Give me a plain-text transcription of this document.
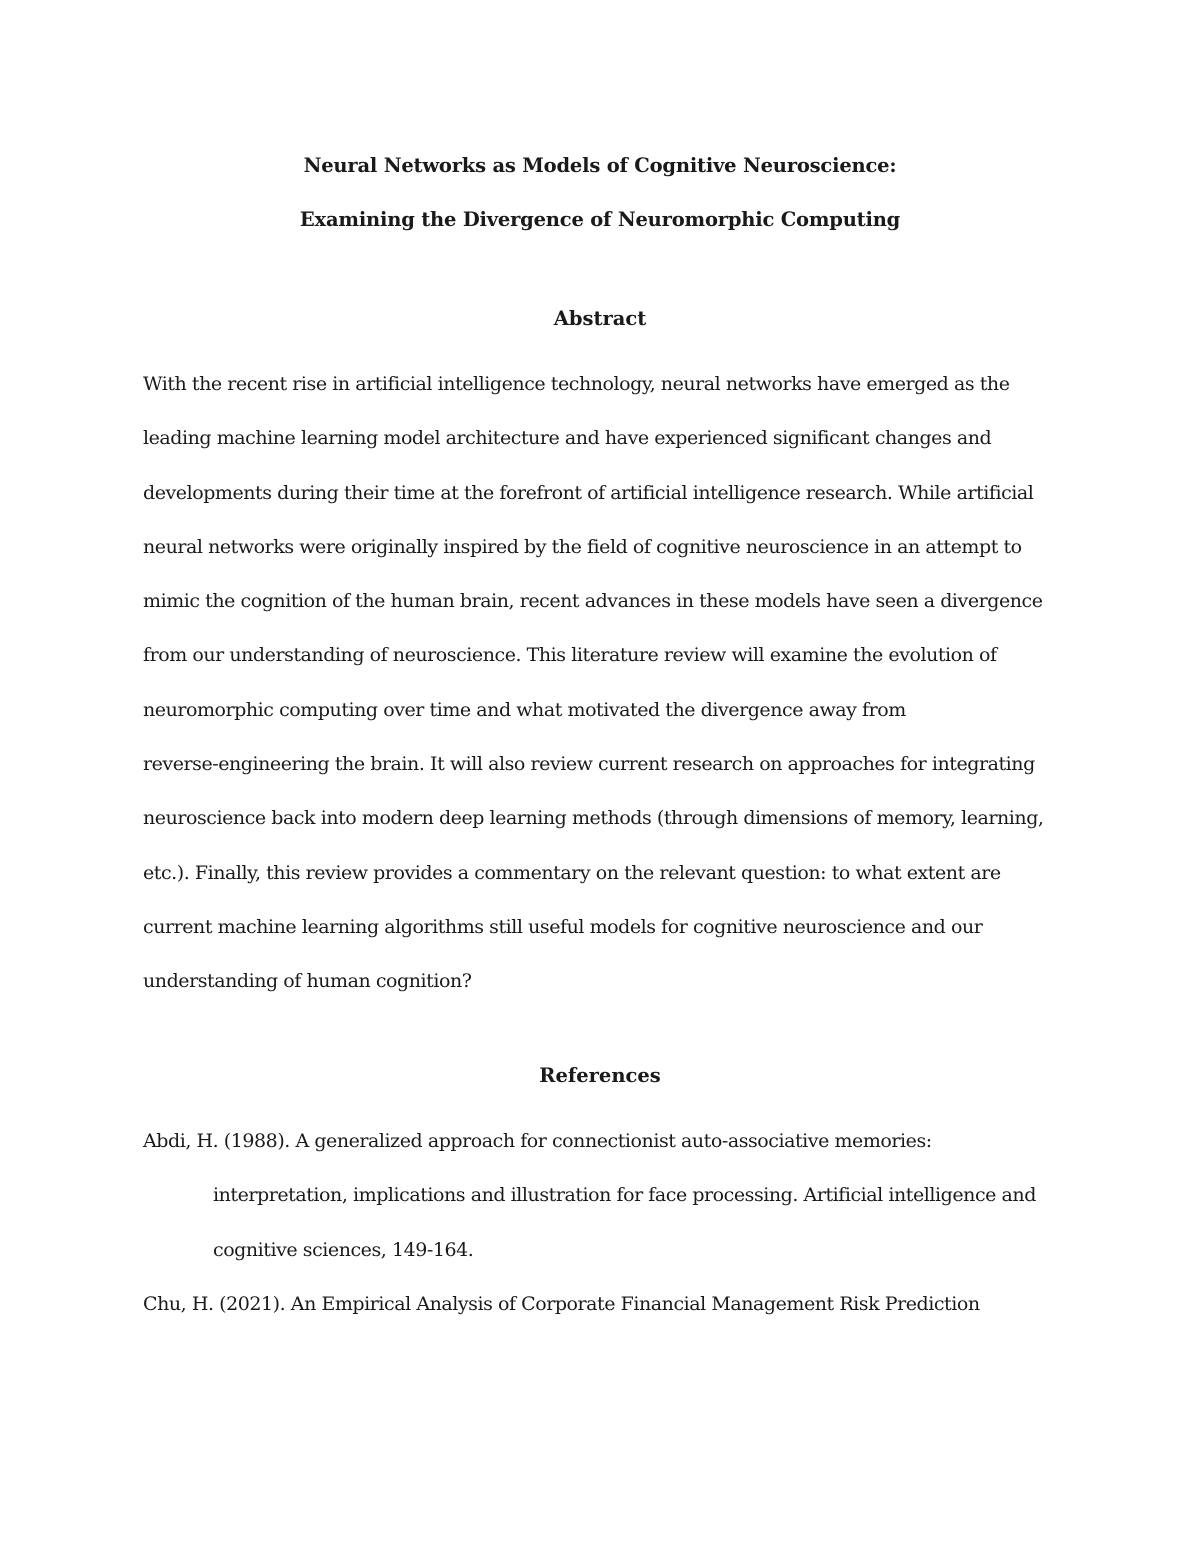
Neural Networks as Models of Cognitive Neuroscience:
Examining the Divergence of Neuromorphic Computing
Abstract
With the recent rise in artificial intelligence technology, neural networks have emerged as the
leading machine learning model architecture and have experienced significant changes and
developments during their time at the forefront of artificial intelligence research. While artificial
neural networks were originally inspired by the field of cognitive neuroscience in an attempt to
mimic the cognition of the human brain, recent advances in these models have seen a divergence
from our understanding of neuroscience. This literature review will examine the evolution of
neuromorphic computing over time and what motivated the divergence away from
reverse-engineering the brain. It will also review current research on approaches for integrating
neuroscience back into modern deep learning methods (through dimensions of memory, learning,
etc.). Finally, this review provides a commentary on the relevant question: to what extent are
current machine learning algorithms still useful models for cognitive neuroscience and our
understanding of human cognition?
References
Abdi, H. (1988). A generalized approach for connectionist auto-associative memories:
interpretation, implications and illustration for face processing. Artificial intelligence and
cognitive sciences, 149-164.
Chu, H. (2021). An Empirical Analysis of Corporate Financial Management Risk Prediction
